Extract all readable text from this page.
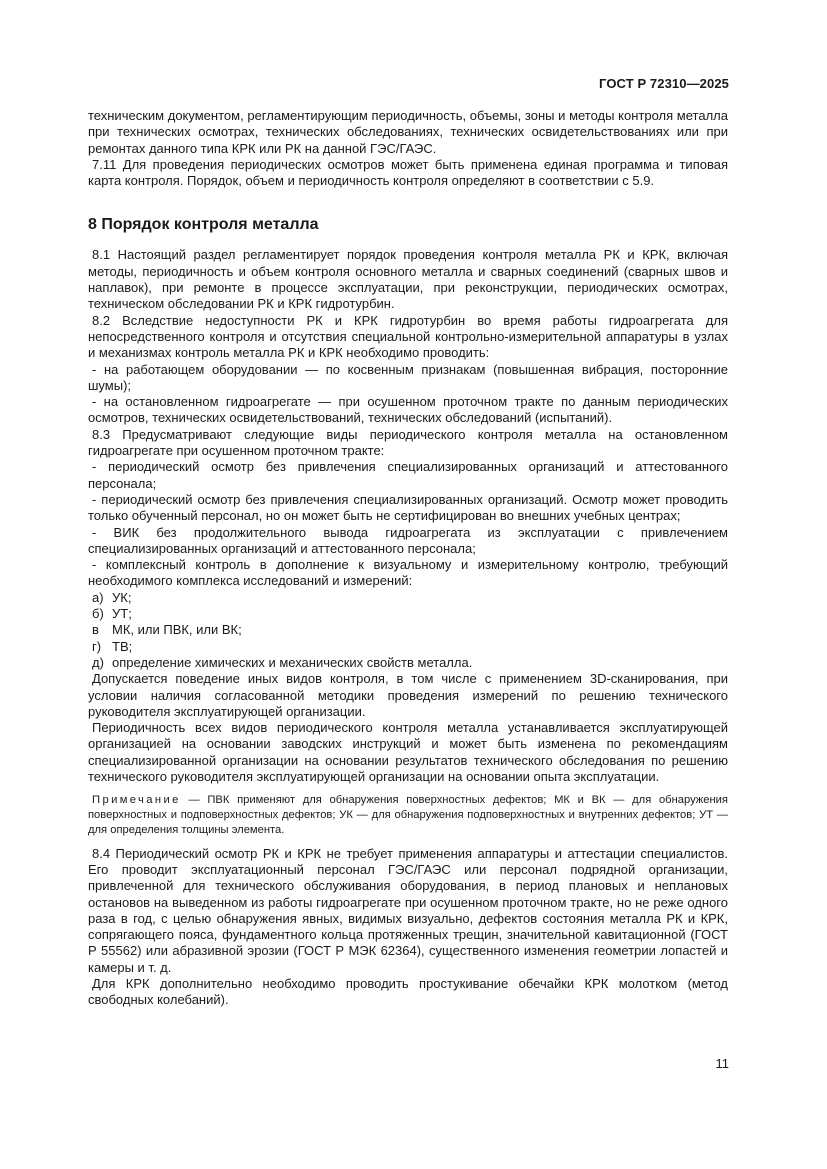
ГОСТ Р 72310—2025

техническим документом, регламентирующим периодичность, объемы, зоны и методы контроля металла при технических осмотрах, технических обследованиях, технических освидетельствованиях или при ремонтах данного типа КРК или РК на данной ГЭС/ГАЭС.

7.11 Для проведения периодических осмотров может быть применена единая программа и типовая карта контроля. Порядок, объем и периодичность контроля определяют в соответствии с 5.9.

8 Порядок контроля металла

8.1 Настоящий раздел регламентирует порядок проведения контроля металла РК и КРК, включая методы, периодичность и объем контроля основного металла и сварных соединений (сварных швов и наплавок), при ремонте в процессе эксплуатации, при реконструкции, периодических осмотрах, техническом обследовании РК и КРК гидротурбин.

8.2 Вследствие недоступности РК и КРК гидротурбин во время работы гидроагрегата для непосредственного контроля и отсутствия специальной контрольно-измерительной аппаратуры в узлах и механизмах контроль металла РК и КРК необходимо проводить:

- на работающем оборудовании — по косвенным признакам (повышенная вибрация, посторонние шумы);

- на остановленном гидроагрегате — при осушенном проточном тракте по данным периодических осмотров, технических освидетельствований, технических обследований (испытаний).

8.3 Предусматривают следующие виды периодического контроля металла на остановленном гидроагрегате при осушенном проточном тракте:

- периодический осмотр без привлечения специализированных организаций и аттестованного персонала;

- периодический осмотр без привлечения специализированных организаций. Осмотр может проводить только обученный персонал, но он может быть не сертифицирован во внешних учебных центрах;

- ВИК без продолжительного вывода гидроагрегата из эксплуатации с привлечением специализированных организаций и аттестованного персонала;

- комплексный контроль в дополнение к визуальному и измерительному контролю, требующий необходимого комплекса исследований и измерений:

а) УК;
б) УТ;
в	МК, или ПВК, или ВК;
г) ТВ;
д) определение химических и механических свойств металла.

Допускается поведение иных видов контроля, в том числе с применением 3D-сканирования, при условии наличия согласованной методики проведения измерений по решению технического руководителя эксплуатирующей организации.

Периодичность всех видов периодического контроля металла устанавливается эксплуатирующей организацией на основании заводских инструкций и может быть изменена по рекомендациям специализированной организации на основании результатов технического обследования по решению технического руководителя эксплуатирующей организации на основании опыта эксплуатации.

Примечание — ПВК применяют для обнаружения поверхностных дефектов; МК и ВК — для обнаружения поверхностных и подповерхностных дефектов; УК — для обнаружения подповерхностных и внутренних дефектов; УТ — для определения толщины элемента.

8.4 Периодический осмотр РК и КРК не требует применения аппаратуры и аттестации специалистов. Его проводит эксплуатационный персонал ГЭС/ГАЭС или персонал подрядной организации, привлеченной для технического обслуживания оборудования, в период плановых и неплановых остановов на выведенном из работы гидроагрегате при осушенном проточном тракте, но не реже одного раза в год, с целью обнаружения явных, видимых визуально, дефектов состояния металла РК и КРК, сопрягающего пояса, фундаментного кольца протяженных трещин, значительной кавитационной (ГОСТ Р 55562) или абразивной эрозии (ГОСТ Р МЭК 62364), существенного изменения геометрии лопастей и камеры и т. д.

Для КРК дополнительно необходимо проводить простукивание обечайки КРК молотком (метод свободных колебаний).

11
